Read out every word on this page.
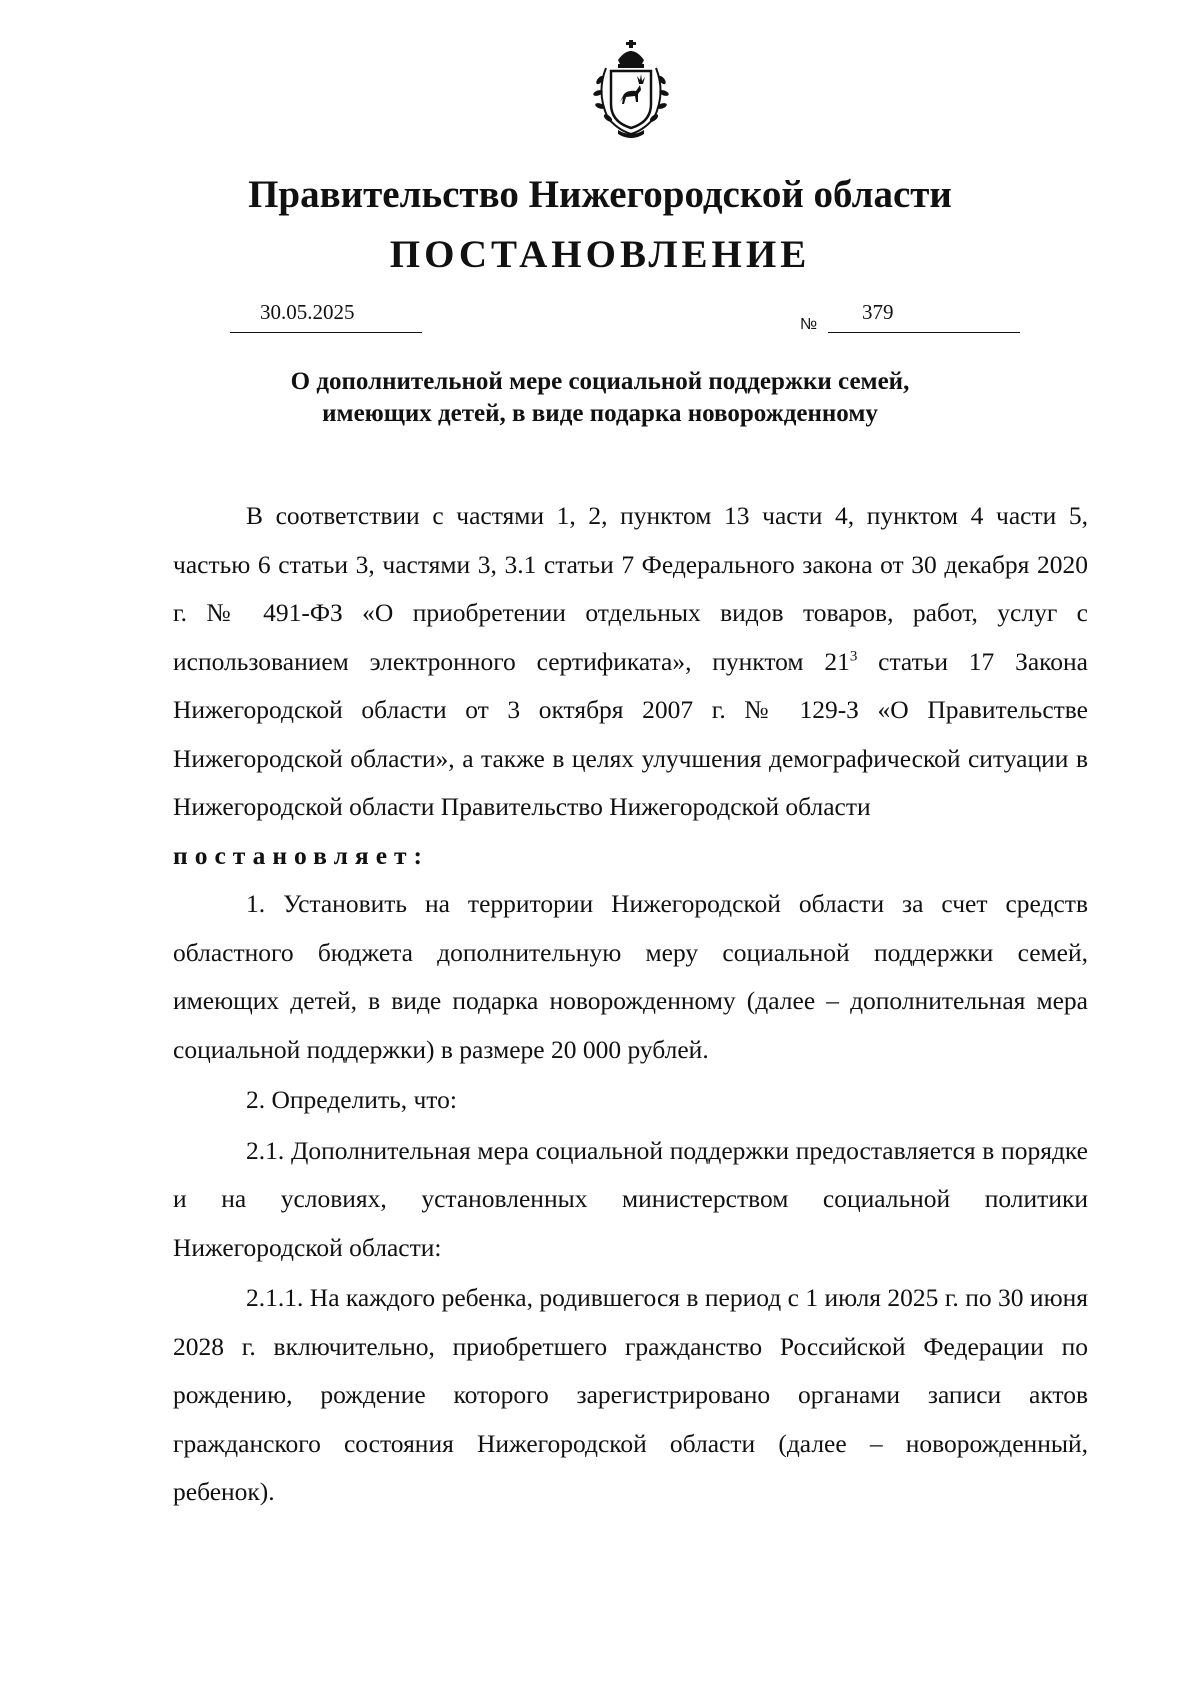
Правительство Нижегородской области
ПОСТАНОВЛЕНИЕ
30.05.2025
№
379
О дополнительной мере социальной поддержки семей,
имеющих детей, в виде подарка новорожденному

В соответствии с частями 1, 2, пунктом 13 части 4, пунктом 4 части 5, частью 6 статьи 3, частями 3, 3.1 статьи 7 Федерального закона от 30 декабря 2020 г. № 491-ФЗ «О приобретении отдельных видов товаров, работ, услуг с использованием электронного сертификата», пунктом $21^3$ статьи 17 Закона Нижегородской области от 3 октября 2007 г. № 129-З «О Правительстве Нижегородской области», а также в целях улучшения демографической ситуации в Нижегородской области Правительство Нижегородской области

постановляет:

1. Установить на территории Нижегородской области за счет средств областного бюджета дополнительную меру социальной поддержки семей, имеющих детей, в виде подарка новорожденному (далее – дополнительная мера социальной поддержки) в размере 20 000 рублей.

2. Определить, что:

2.1. Дополнительная мера социальной поддержки предоставляется в порядке и на условиях, установленных министерством социальной политики Нижегородской области:

2.1.1. На каждого ребенка, родившегося в период с 1 июля 2025 г. по 30 июня 2028 г. включительно, приобретшего гражданство Российской Федерации по рождению, рождение которого зарегистрировано органами записи актов гражданского состояния Нижегородской области (далее – новорожденный, ребенок).
